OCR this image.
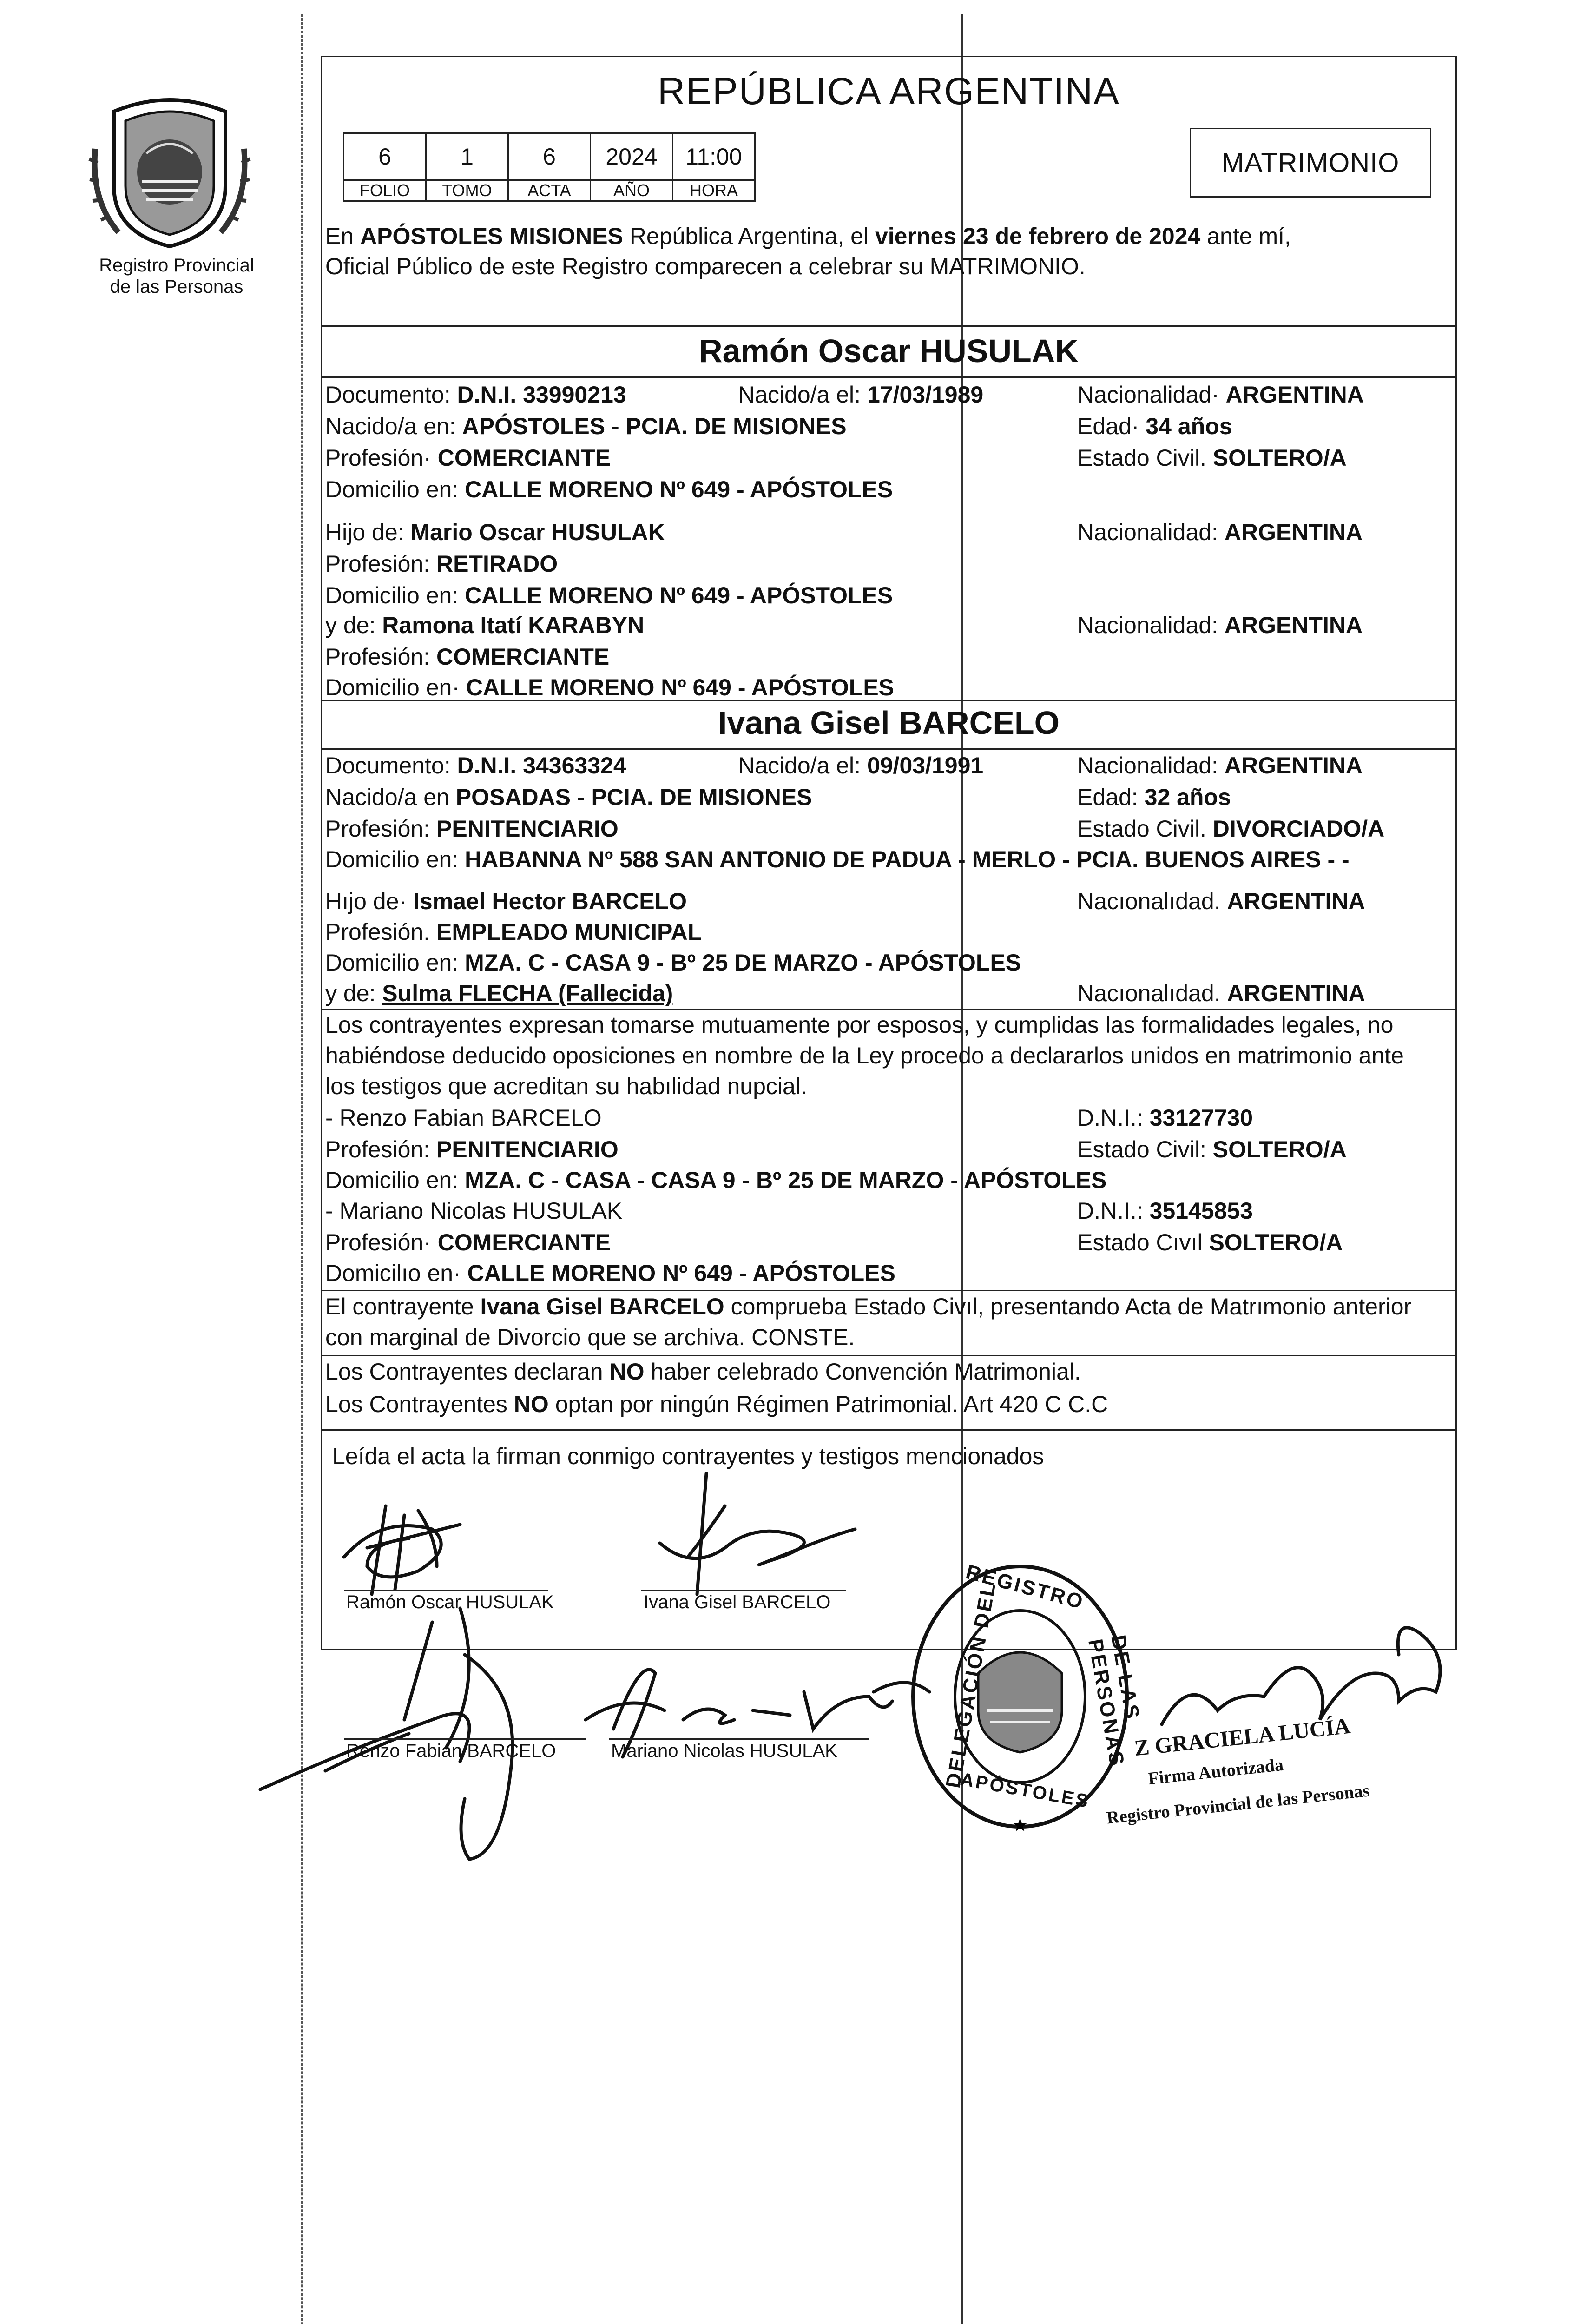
Registro Provincial de las Personas
REPÚBLICA ARGENTINA
6	1	6	2024	11:00
FOLIO	TOMO	ACTA	AÑO	HORA
MATRIMONIO
En APÓSTOLES MISIONES República Argentina, el viernes 23 de febrero de 2024 ante mí,
Oficial Público de este Registro comparecen a celebrar su MATRIMONIO.
Ramón Oscar HUSULAK
Documento: D.N.I. 33990213	Nacido/a el: 17/03/1989	Nacionalidad· ARGENTINA
Nacido/a en: APÓSTOLES - PCIA. DE MISIONES	Edad· 34 años
Profesión· COMERCIANTE	Estado Civil. SOLTERO/A
Domicilio en: CALLE MORENO Nº 649 - APÓSTOLES
Hijo de: Mario Oscar HUSULAK	Nacionalidad: ARGENTINA
Profesión: RETIRADO
Domicilio en: CALLE MORENO Nº 649 - APÓSTOLES
y de: Ramona Itatí KARABYN	Nacionalidad: ARGENTINA
Profesión: COMERCIANTE
Domicilio en· CALLE MORENO Nº 649 - APÓSTOLES
Ivana Gisel BARCELO
Documento: D.N.I. 34363324	Nacido/a el: 09/03/1991	Nacionalidad: ARGENTINA
Nacido/a en POSADAS - PCIA. DE MISIONES	Edad: 32 años
Profesión: PENITENCIARIO	Estado Civil. DIVORCIADO/A
Domicilio en: HABANNA Nº 588 SAN ANTONIO DE PADUA - MERLO - PCIA. BUENOS AIRES - -
Hıjo de· Ismael Hector BARCELO	Nacıonalıdad. ARGENTINA
Profesión. EMPLEADO MUNICIPAL
Domicilio en: MZA. C - CASA 9 - Bº 25 DE MARZO - APÓSTOLES
y de: Sulma FLECHA (Fallecida)	Nacıonalıdad. ARGENTINA
Los contrayentes expresan tomarse mutuamente por esposos, y cumplidas las formalidades legales, no
habiéndose deducido oposiciones en nombre de la Ley procedo a declararlos unidos en matrimonio ante
los testigos que acreditan su habılidad nupcial.
- Renzo Fabian BARCELO	D.N.I.: 33127730
Profesión: PENITENCIARIO	Estado Civil: SOLTERO/A
Domicilio en: MZA. C - CASA - CASA 9 - Bº 25 DE MARZO - APÓSTOLES
- Mariano Nicolas HUSULAK	D.N.I.: 35145853
Profesión· COMERCIANTE	Estado Cıvıl SOLTERO/A
Domicilıo en· CALLE MORENO Nº 649 - APÓSTOLES
El contrayente Ivana Gisel BARCELO comprueba Estado Civıl, presentando Acta de Matrımonio anterior
con marginal de Divorcio que se archiva. CONSTE.
Los Contrayentes declaran NO haber celebrado Convención Matrimonial.
Los Contrayentes NO optan por ningún Régimen Patrimonial. Art 420 C C.C
Leída el acta la firman conmigo contrayentes y testigos mencionados
Ramón Oscar HUSULAK	Ivana Gisel BARCELO
Renzo Fabian BARCELO	Mariano Nicolas HUSULAK
★
REGISTRO
DELEGACIÓN DEL	DE LAS PERSONAS
APÓSTOLES
Z GRACIELA LUCÍA
Firma Autorizada
Registro Provincial de las Personas
